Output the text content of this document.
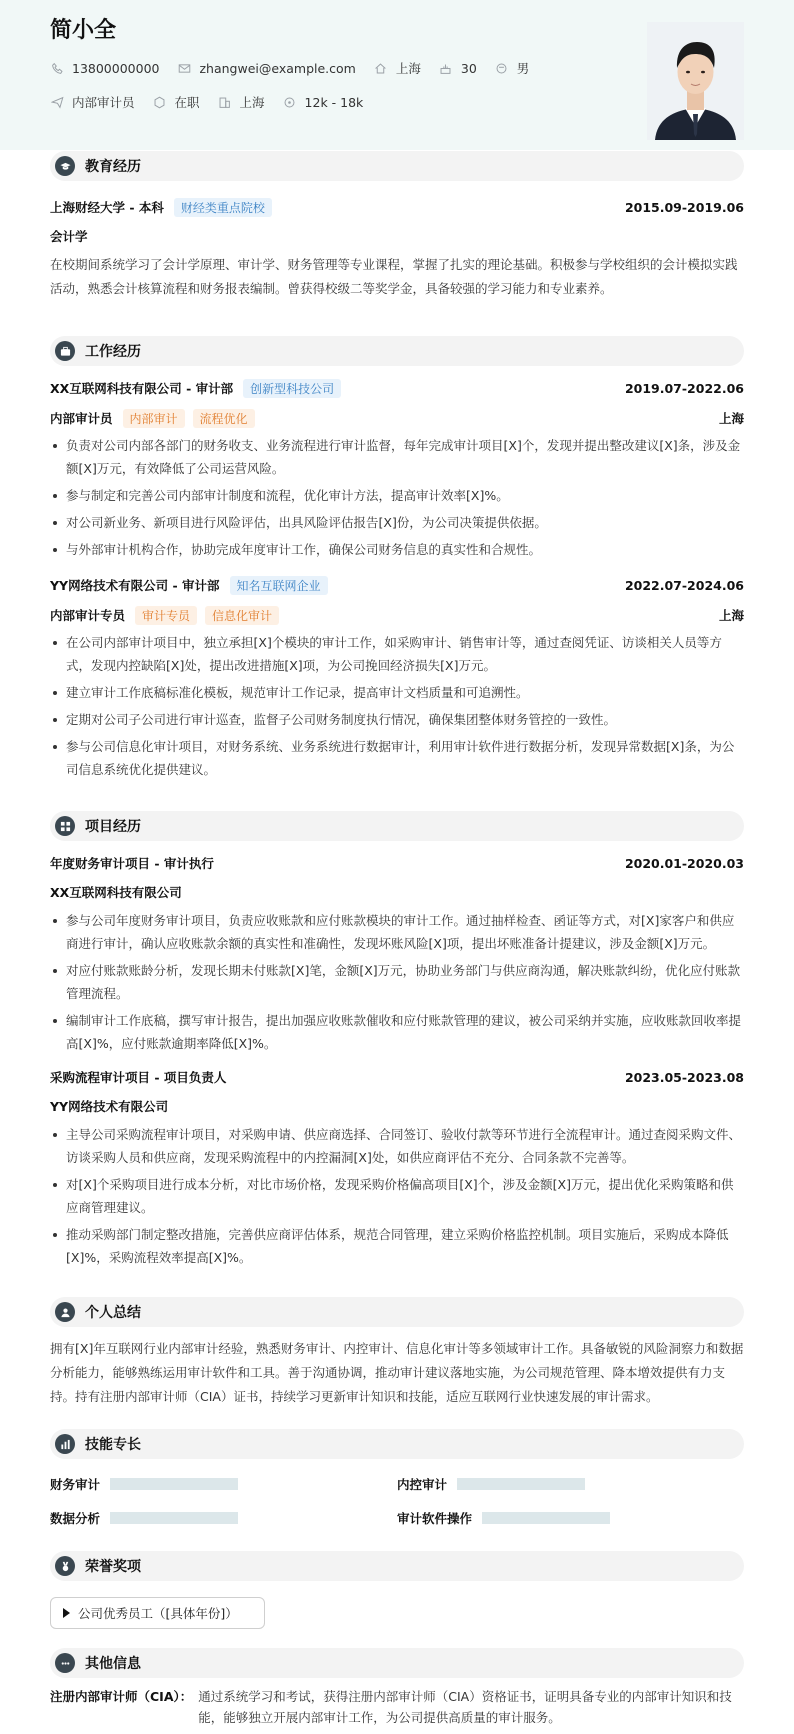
简小全
13800000000	zhangwei@example.com	上海	30	男
内部审计员	在职	上海	12k - 18k
教育经历
上海财经大学 - 本科	财经类重点院校	2015.09-2019.06
会计学
在校期间系统学习了会计学原理、审计学、财务管理等专业课程，掌握了扎实的理论基础。积极参与学校组织的会计模拟实践活动，熟悉会计核算流程和财务报表编制。曾获得校级二等奖学金，具备较强的学习能力和专业素养。
工作经历
XX互联网科技有限公司 - 审计部	创新型科技公司	2019.07-2022.06
内部审计员	内部审计	流程优化	上海
负责对公司内部各部门的财务收支、业务流程进行审计监督，每年完成审计项目[X]个，发现并提出整改建议[X]条，涉及金额[X]万元，有效降低了公司运营风险。
参与制定和完善公司内部审计制度和流程，优化审计方法，提高审计效率[X]%。
对公司新业务、新项目进行风险评估，出具风险评估报告[X]份，为公司决策提供依据。
与外部审计机构合作，协助完成年度审计工作，确保公司财务信息的真实性和合规性。
YY网络技术有限公司 - 审计部	知名互联网企业	2022.07-2024.06
内部审计专员	审计专员	信息化审计	上海
在公司内部审计项目中，独立承担[X]个模块的审计工作，如采购审计、销售审计等，通过查阅凭证、访谈相关人员等方式，发现内控缺陷[X]处，提出改进措施[X]项，为公司挽回经济损失[X]万元。
建立审计工作底稿标准化模板，规范审计工作记录，提高审计文档质量和可追溯性。
定期对公司子公司进行审计巡查，监督子公司财务制度执行情况，确保集团整体财务管控的一致性。
参与公司信息化审计项目，对财务系统、业务系统进行数据审计，利用审计软件进行数据分析，发现异常数据[X]条，为公司信息系统优化提供建议。
项目经历
年度财务审计项目 - 审计执行	2020.01-2020.03
XX互联网科技有限公司
参与公司年度财务审计项目，负责应收账款和应付账款模块的审计工作。通过抽样检查、函证等方式，对[X]家客户和供应商进行审计，确认应收账款余额的真实性和准确性，发现坏账风险[X]项，提出坏账准备计提建议，涉及金额[X]万元。
对应付账款账龄分析，发现长期未付账款[X]笔，金额[X]万元，协助业务部门与供应商沟通，解决账款纠纷，优化应付账款管理流程。
编制审计工作底稿，撰写审计报告，提出加强应收账款催收和应付账款管理的建议，被公司采纳并实施，应收账款回收率提高[X]%，应付账款逾期率降低[X]%。
采购流程审计项目 - 项目负责人	2023.05-2023.08
YY网络技术有限公司
主导公司采购流程审计项目，对采购申请、供应商选择、合同签订、验收付款等环节进行全流程审计。通过查阅采购文件、访谈采购人员和供应商，发现采购流程中的内控漏洞[X]处，如供应商评估不充分、合同条款不完善等。
对[X]个采购项目进行成本分析，对比市场价格，发现采购价格偏高项目[X]个，涉及金额[X]万元，提出优化采购策略和供应商管理建议。
推动采购部门制定整改措施，完善供应商评估体系，规范合同管理，建立采购价格监控机制。项目实施后，采购成本降低[X]%，采购流程效率提高[X]%。
个人总结
拥有[X]年互联网行业内部审计经验，熟悉财务审计、内控审计、信息化审计等多领域审计工作。具备敏锐的风险洞察力和数据分析能力，能够熟练运用审计软件和工具。善于沟通协调，推动审计建议落地实施，为公司规范管理、降本增效提供有力支持。持有注册内部审计师（CIA）证书，持续学习更新审计知识和技能，适应互联网行业快速发展的审计需求。
技能专长
财务审计	内控审计
数据分析	审计软件操作
荣誉奖项
公司优秀员工（[具体年份]）
其他信息
注册内部审计师（CIA）： 通过系统学习和考试，获得注册内部审计师（CIA）资格证书，证明具备专业的内部审计知识和技能，能够独立开展内部审计工作，为公司提供高质量的审计服务。
